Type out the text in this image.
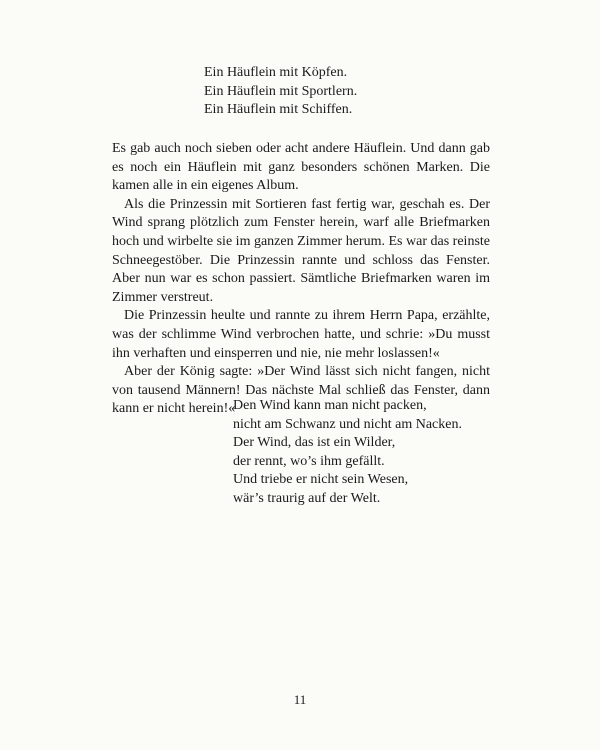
Ein Häuflein mit Köpfen.
Ein Häuflein mit Sportlern.
Ein Häuflein mit Schiffen.

Es gab auch noch sieben oder acht andere Häuflein. Und dann gab es noch ein Häuflein mit ganz besonders schönen Marken. Die kamen alle in ein eigenes Album.

Als die Prinzessin mit Sortieren fast fertig war, geschah es. Der Wind sprang plötzlich zum Fenster herein, warf alle Briefmarken hoch und wirbelte sie im ganzen Zimmer herum. Es war das reinste Schneegestöber. Die Prinzessin rannte und schloss das Fenster. Aber nun war es schon passiert. Sämtliche Briefmarken waren im Zimmer verstreut.

Die Prinzessin heulte und rannte zu ihrem Herrn Papa, erzählte, was der schlimme Wind verbrochen hatte, und schrie: »Du musst ihn verhaften und einsperren und nie, nie mehr loslassen!«

Aber der König sagte: »Der Wind lässt sich nicht fangen, nicht von tausend Männern! Das nächste Mal schließ das Fenster, dann kann er nicht herein!«

Den Wind kann man nicht packen,
nicht am Schwanz und nicht am Nacken.
Der Wind, das ist ein Wilder,
der rennt, wo’s ihm gefällt.
Und triebe er nicht sein Wesen,
wär’s traurig auf der Welt.
11
